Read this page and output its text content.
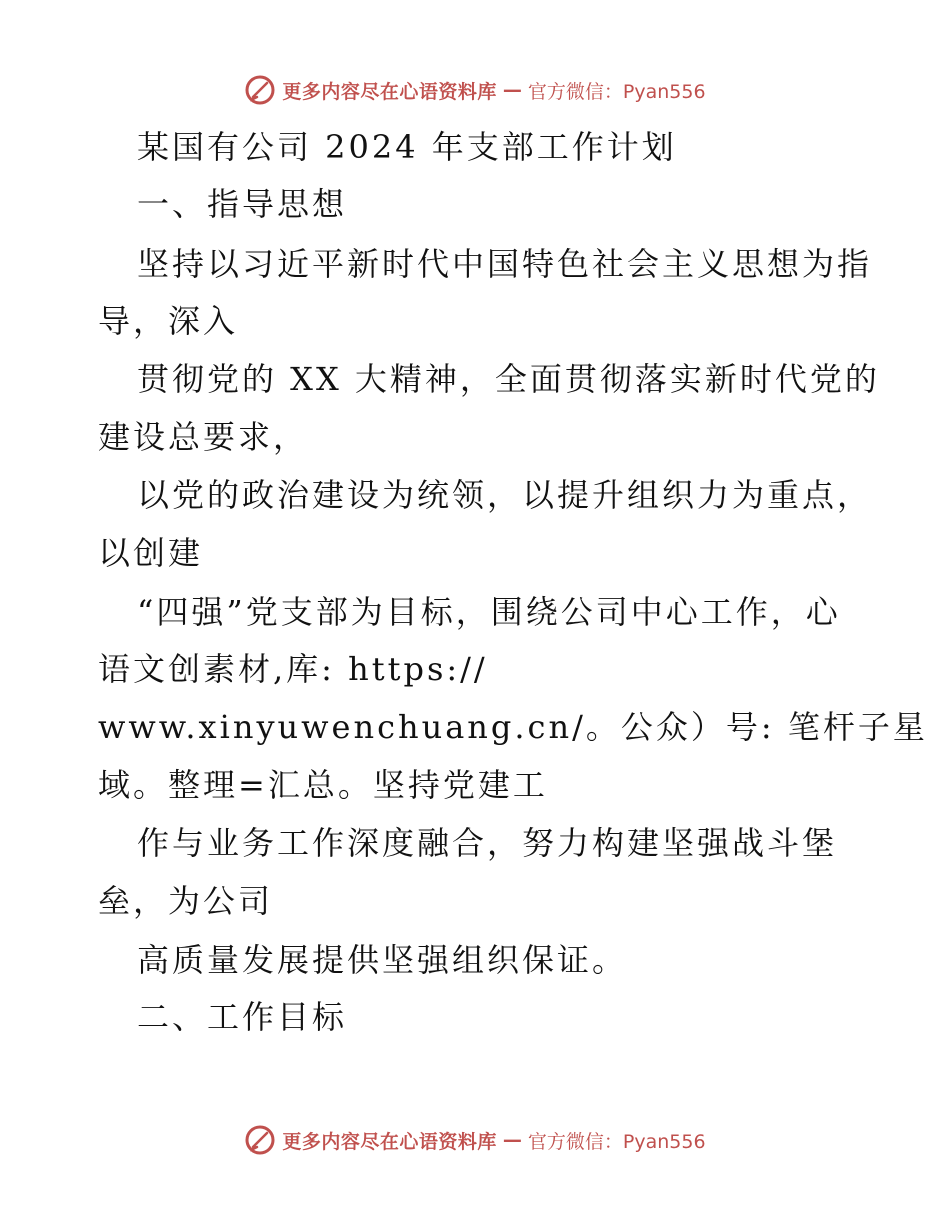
更多内容尽在心语资料库 — 官方微信：Pyan556
某国有公司 2024 年支部工作计划
一、指导思想
坚持以习近平新时代中国特色社会主义思想为指
导，深入
贯彻党的 XX 大精神，全面贯彻落实新时代党的
建设总要求，
以党的政治建设为统领，以提升组织力为重点，
以创建
“四强”党支部为目标，围绕公司中心工作，心
语文创素材,库: https://
www.xinyuwenchuang.cn/。公众）号: 笔杆子星
域。整理=汇总。坚持党建工
作与业务工作深度融合，努力构建坚强战斗堡
垒，为公司
高质量发展提供坚强组织保证。
二、工作目标
更多内容尽在心语资料库 — 官方微信：Pyan556
